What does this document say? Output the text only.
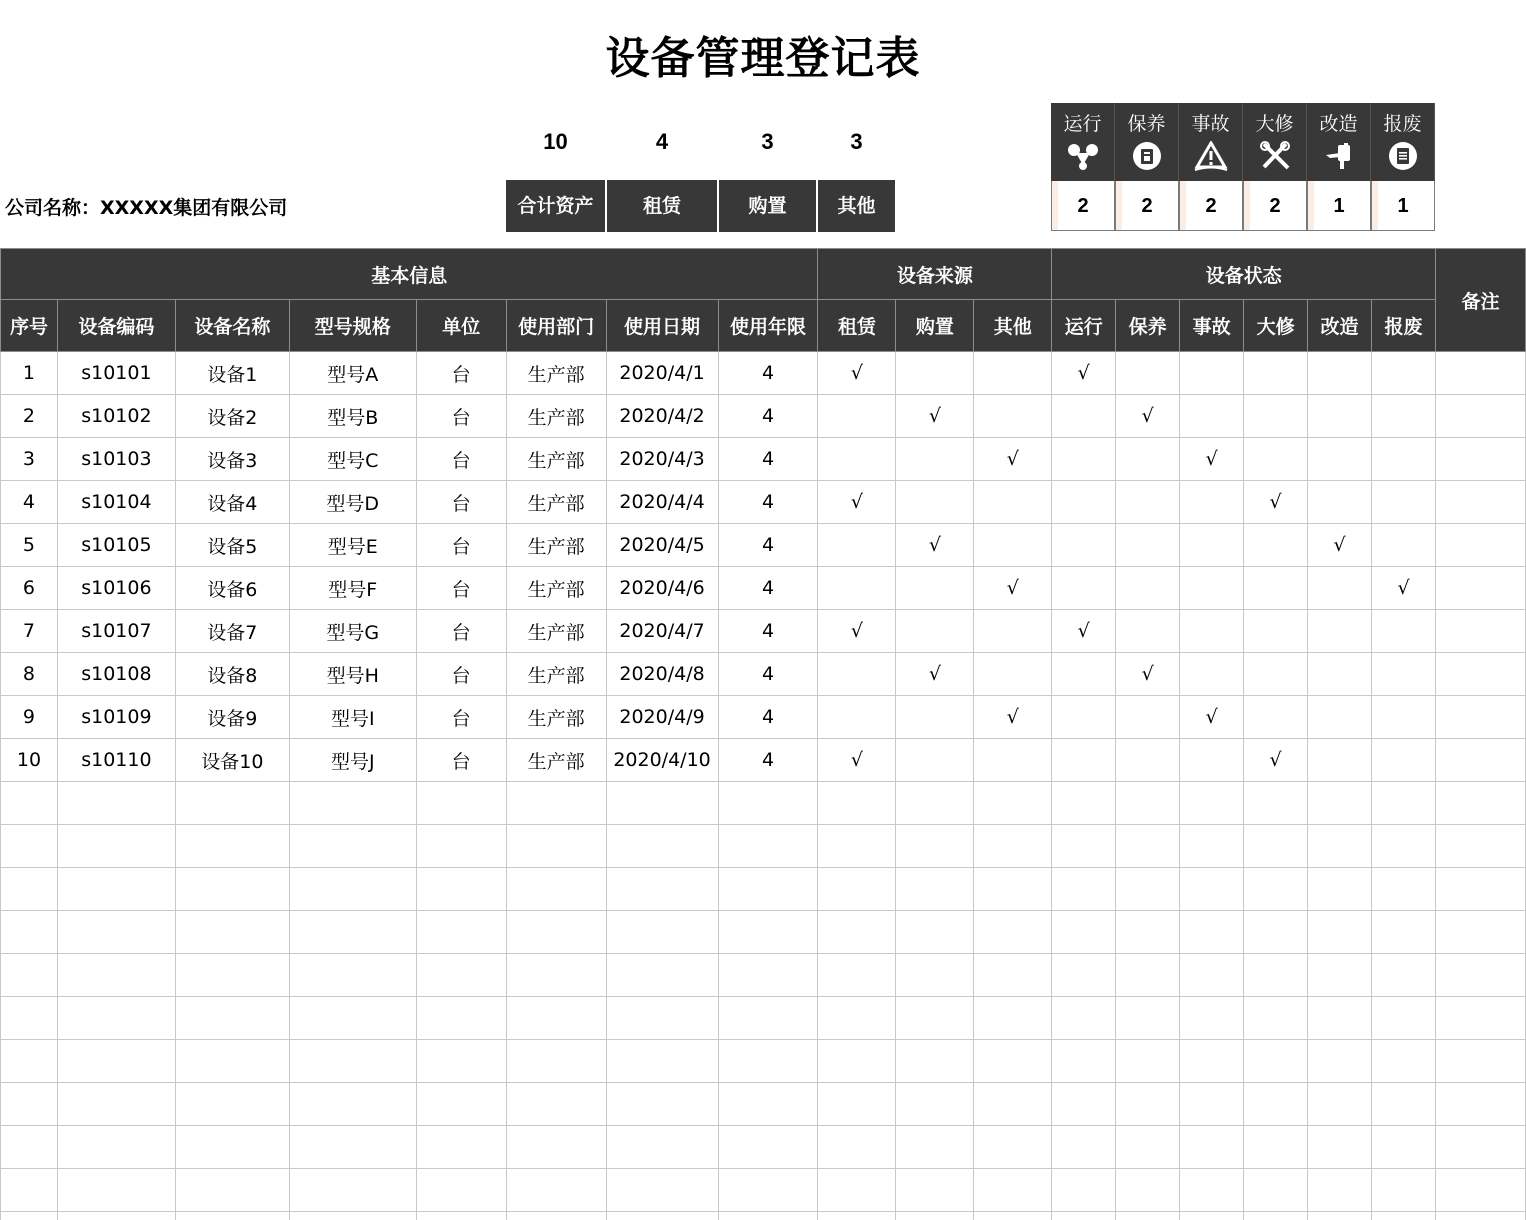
设备管理登记表
公司名称：XXXXX集团有限公司
10	4	3	3
合计资产	租赁	购置	其他
运行	保养	事故	大修	改造	报废
2	2	2	2	1	1
基本信息								设备来源			设备状态						备注
序号	设备编码	设备名称	型号规格	单位	使用部门	使用日期	使用年限	租赁	购置	其他	运行	保养	事故	大修	改造	报废	
1	s10101	设备1	型号A	台	生产部	2020/4/1	4	√			√						
2	s10102	设备2	型号B	台	生产部	2020/4/2	4		√			√					
3	s10103	设备3	型号C	台	生产部	2020/4/3	4			√			√				
4	s10104	设备4	型号D	台	生产部	2020/4/4	4	√						√			
5	s10105	设备5	型号E	台	生产部	2020/4/5	4		√						√		
6	s10106	设备6	型号F	台	生产部	2020/4/6	4			√						√	
7	s10107	设备7	型号G	台	生产部	2020/4/7	4	√			√						
8	s10108	设备8	型号H	台	生产部	2020/4/8	4		√			√					
9	s10109	设备9	型号I	台	生产部	2020/4/9	4			√			√				
10	s10110	设备10	型号J	台	生产部	2020/4/10	4	√						√			
